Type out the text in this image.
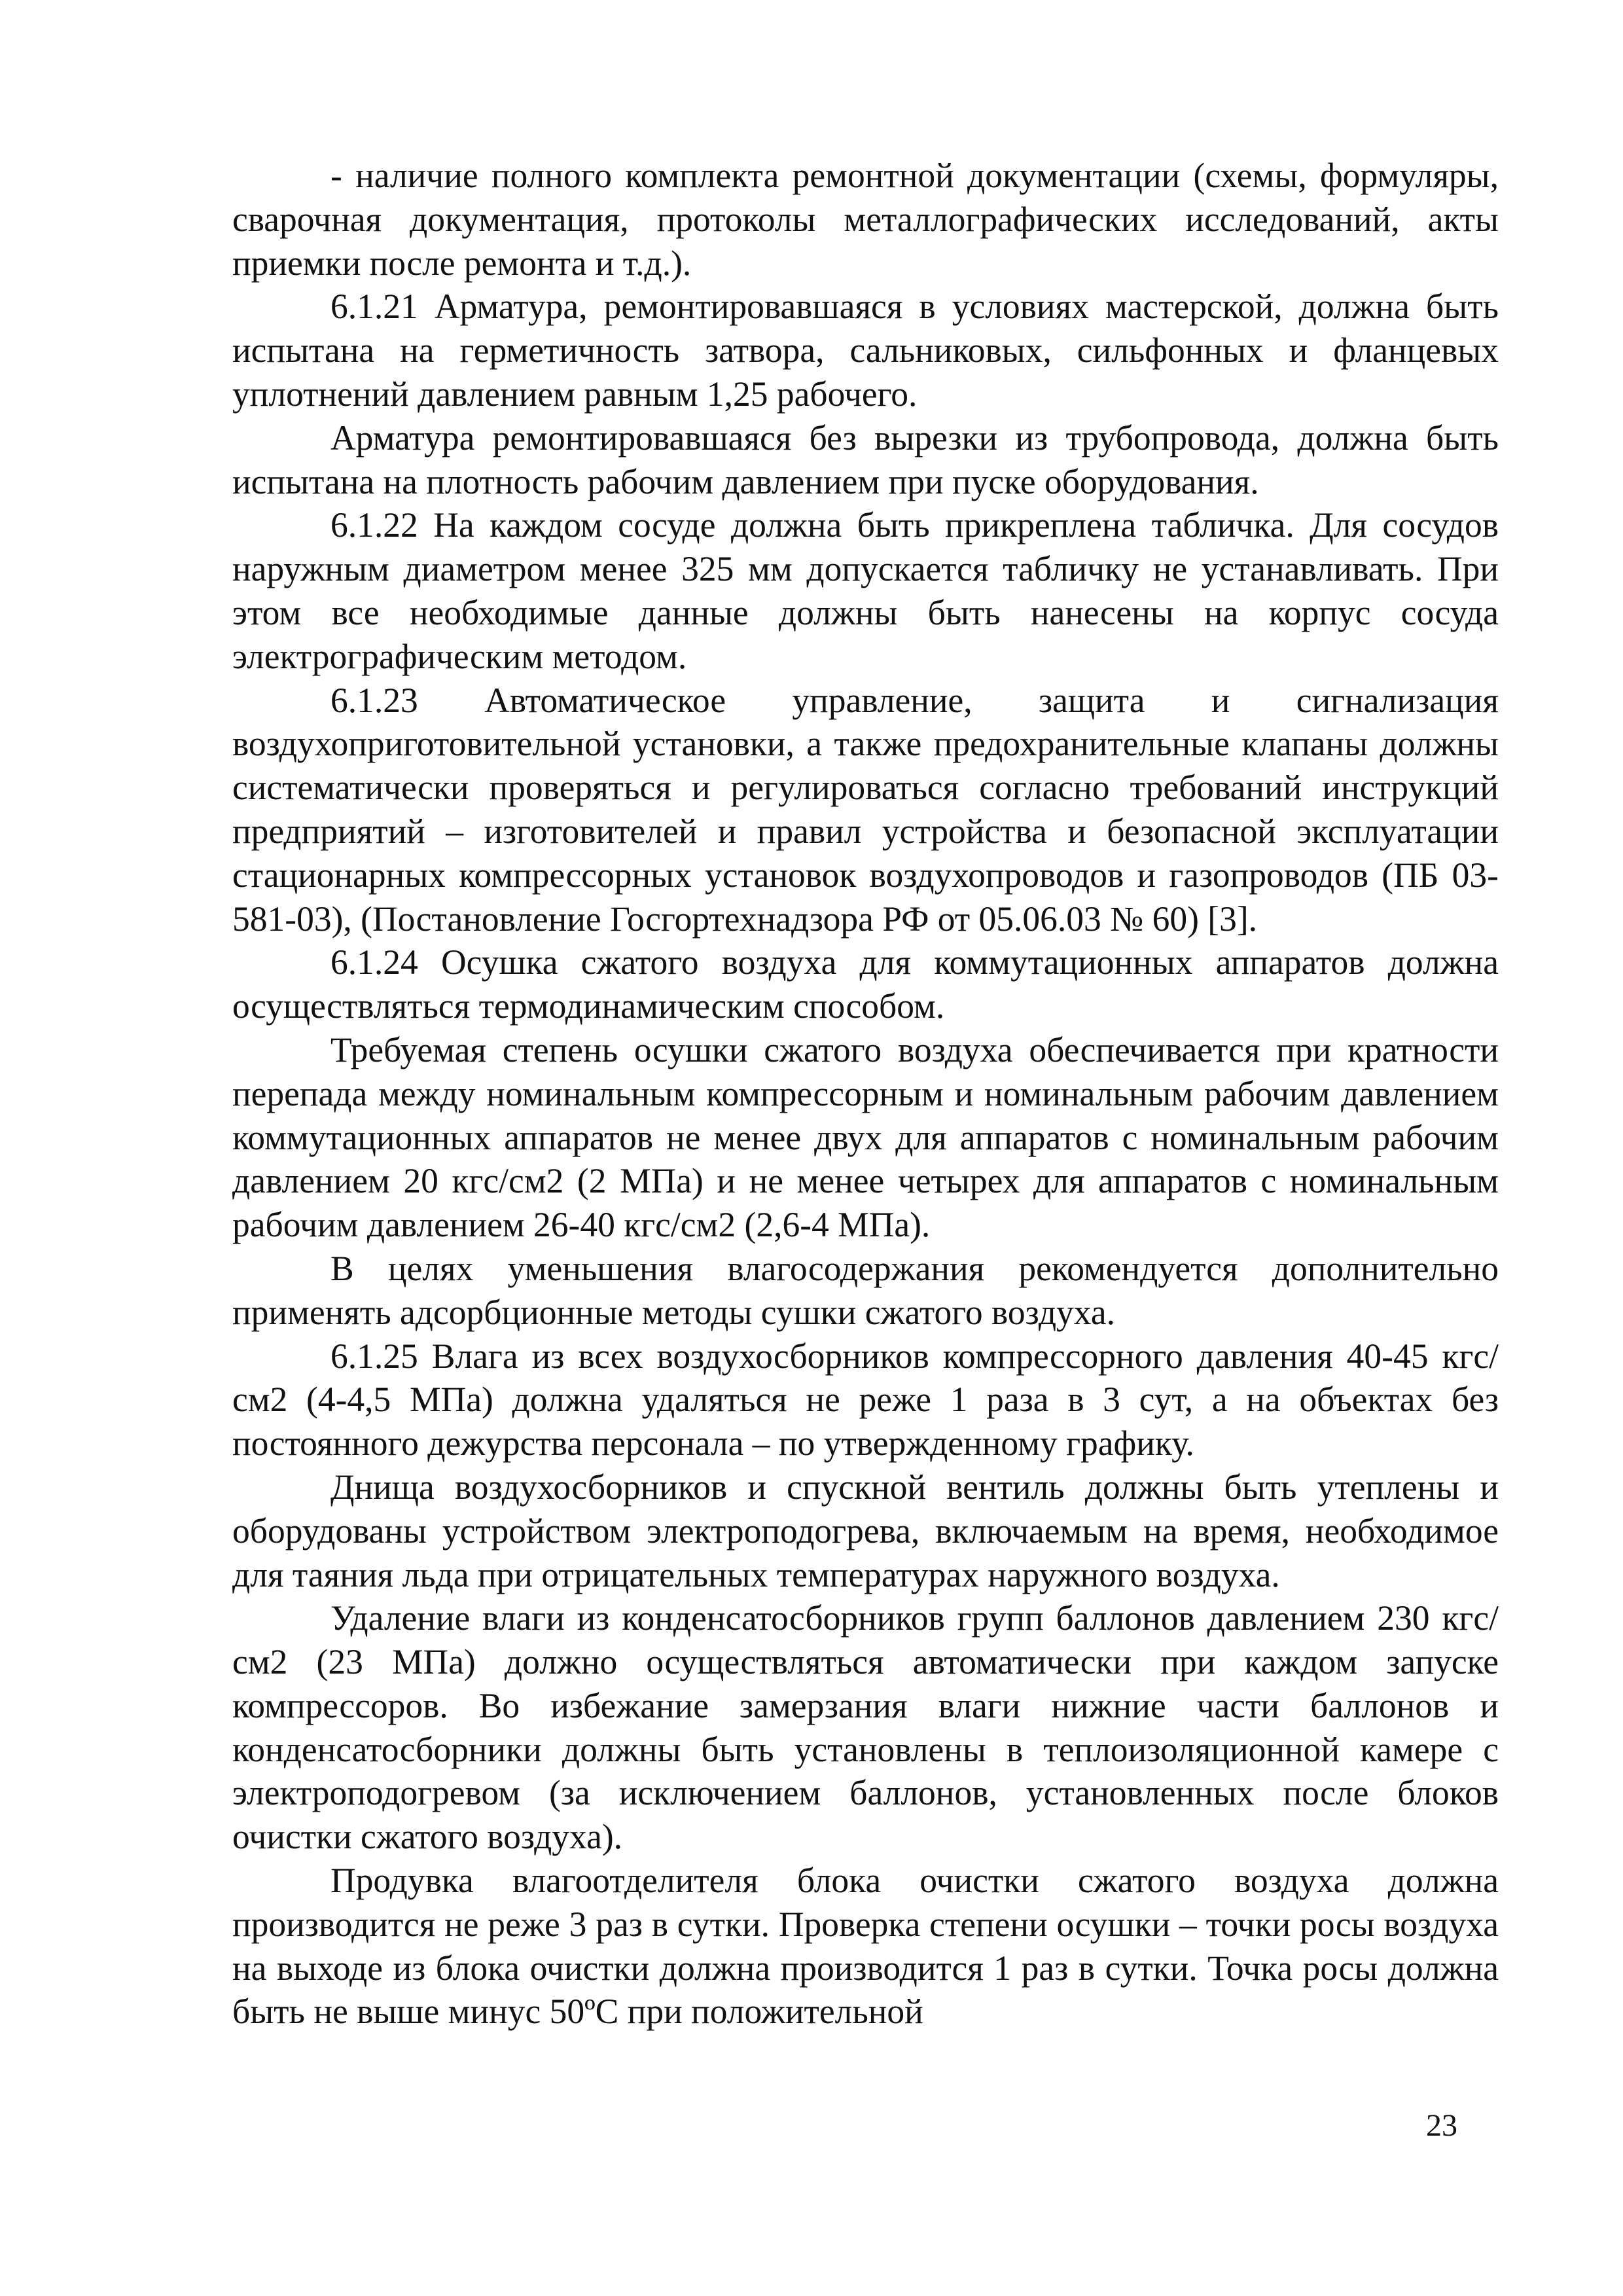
- наличие полного комплекта ремонтной документации (схемы, формуляры, сварочная документация, протоколы металлографических исследований, акты приемки после ремонта и т.д.).

6.1.21 Арматура, ремонтировавшаяся в условиях мастерской, должна быть испытана на герметичность затвора, сальниковых, сильфонных и фланцевых уплотнений давлением равным 1,25 рабочего.

Арматура ремонтировавшаяся без вырезки из трубопровода, должна быть испытана на плотность рабочим давлением при пуске оборудования.

6.1.22 На каждом сосуде должна быть прикреплена табличка. Для сосудов наружным диаметром менее 325 мм допускается табличку не устанавливать. При этом все необходимые данные должны быть нанесены на корпус сосуда электрографическим методом.

6.1.23 Автоматическое управление, защита и сигнализация воздухоприготовительной установки, а также предохранительные клапаны должны систематически проверяться и регулироваться согласно требований инструкций предприятий – изготовителей и правил устройства и безопасной эксплуатации стационарных компрессорных установок воздухопроводов и газопроводов (ПБ 03-581-03), (Постановление Госгортехнадзора РФ от 05.06.03 № 60) [3].

6.1.24 Осушка сжатого воздуха для коммутационных аппаратов должна осуществляться термодинамическим способом.

Требуемая степень осушки сжатого воздуха обеспечивается при кратности перепада между номинальным компрессорным и номинальным рабочим давлением коммутационных аппаратов не менее двух для аппаратов с номинальным рабочим давлением 20 кгс/см2 (2 МПа) и не менее четырех для аппаратов с номинальным рабочим давлением 26-40 кгс/см2 (2,6-4 МПа).

В целях уменьшения влагосодержания рекомендуется дополнительно применять адсорбционные методы сушки сжатого воздуха.

6.1.25 Влага из всех воздухосборников компрессорного давления 40-45 кгс/см2 (4-4,5 МПа) должна удаляться не реже 1 раза в 3 сут, а на объектах без постоянного дежурства персонала – по утвержденному графику.

Днища воздухосборников и спускной вентиль должны быть утеплены и оборудованы устройством электроподогрева, включаемым на время, необходимое для таяния льда при отрицательных температурах наружного воздуха.

Удаление влаги из конденсатосборников групп баллонов давлением 230 кгс/см2 (23 МПа) должно осуществляться автоматически при каждом запуске компрессоров. Во избежание замерзания влаги нижние части баллонов и конденсатосборники должны быть установлены в теплоизоляционной камере с электроподогревом (за исключением баллонов, установленных после блоков очистки сжатого воздуха).

Продувка влагоотделителя блока очистки сжатого воздуха должна производится не реже 3 раз в сутки. Проверка степени осушки – точки росы воздуха на выходе из блока очистки должна производится 1 раз в сутки. Точка росы должна быть не выше минус 50ºC при положительной

23
